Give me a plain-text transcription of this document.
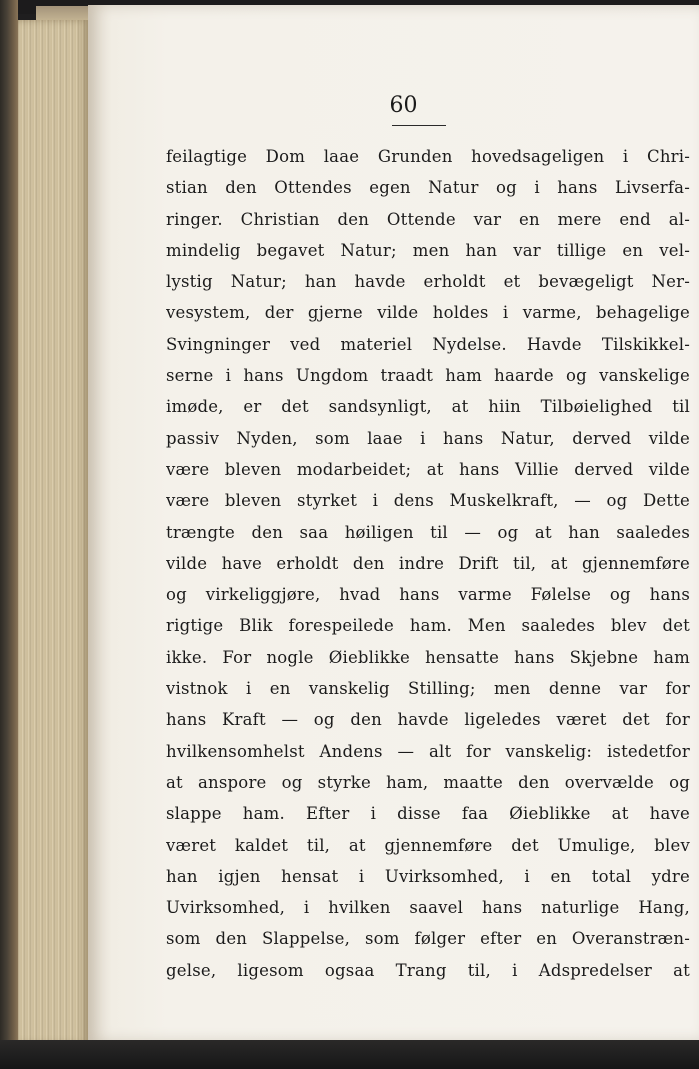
60
feilagtige Dom laae Grunden hovedsageligen i Chri-
stian den Ottendes egen Natur og i hans Livserfa-
ringer. Christian den Ottende var en mere end al-
mindelig begavet Natur; men han var tillige en vel-
lystig Natur; han havde erholdt et bevægeligt Ner-
vesystem, der gjerne vilde holdes i varme, behagelige
Svingninger ved materiel Nydelse. Havde Tilskikkel-
serne i hans Ungdom traadt ham haarde og vanskelige
imøde, er det sandsynligt, at hiin Tilbøielighed til
passiv Nyden, som laae i hans Natur, derved vilde
være bleven modarbeidet; at hans Villie derved vilde
være bleven styrket i dens Muskelkraft, — og Dette
trængte den saa høiligen til — og at han saaledes
vilde have erholdt den indre Drift til, at gjennemføre
og virkeliggjøre, hvad hans varme Følelse og hans
rigtige Blik forespeilede ham. Men saaledes blev det
ikke. For nogle Øieblikke hensatte hans Skjebne ham
vistnok i en vanskelig Stilling; men denne var for
hans Kraft — og den havde ligeledes været det for
hvilkensomhelst Andens — alt for vanskelig: istedetfor
at anspore og styrke ham, maatte den overvælde og
slappe ham. Efter i disse faa Øieblikke at have
været kaldet til, at gjennemføre det Umulige, blev
han igjen hensat i Uvirksomhed, i en total ydre
Uvirksomhed, i hvilken saavel hans naturlige Hang,
som den Slappelse, som følger efter en Overanstræn-
gelse, ligesom ogsaa Trang til, i Adspredelser at
